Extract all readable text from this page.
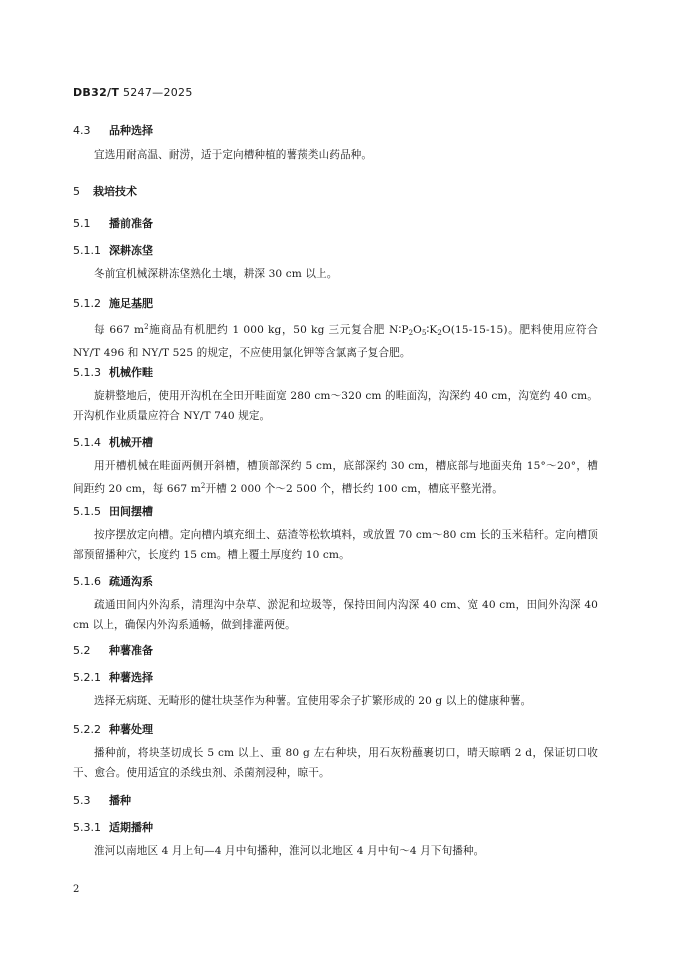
DB32/T 5247—2025
4.3 品种选择
宜选用耐高温、耐涝，适于定向槽种植的薯蓣类山药品种。
5 栽培技术
5.1 播前准备
5.1.1 深耕冻垡
冬前宜机械深耕冻垡熟化土壤，耕深 30 cm 以上。
5.1.2 施足基肥
每 667 $m^2$施商品有机肥约 1 000 kg，50 kg 三元复合肥 $N∶P_2O_5∶K_2O(15-15-15)$。肥料使用应符合 NY/T 496 和 NY/T 525 的规定，不应使用氯化钾等含氯离子复合肥。
5.1.3 机械作畦
旋耕整地后，使用开沟机在全田开畦面宽 280 cm～320 cm 的畦面沟，沟深约 40 cm，沟宽约 40 cm。开沟机作业质量应符合 NY/T 740 规定。
5.1.4 机械开槽
用开槽机械在畦面两侧开斜槽，槽顶部深约 5 cm，底部深约 30 cm，槽底部与地面夹角 15°～20°，槽间距约 20 cm，每 667 $m^2$开槽 2 000 个～2 500 个，槽长约 100 cm，槽底平整光滑。
5.1.5 田间摆槽
按序摆放定向槽。定向槽内填充细土、菇渣等松软填料，或放置 70 cm～80 cm 长的玉米秸秆。定向槽顶部预留播种穴，长度约 15 cm。槽上覆土厚度约 10 cm。
5.1.6 疏通沟系
疏通田间内外沟系，清理沟中杂草、淤泥和垃圾等，保持田间内沟深 40 cm、宽 40 cm，田间外沟深 40 cm 以上，确保内外沟系通畅，做到排灌两便。
5.2 种薯准备
5.2.1 种薯选择
选择无病斑、无畸形的健壮块茎作为种薯。宜使用零余子扩繁形成的 20 g 以上的健康种薯。
5.2.2 种薯处理
播种前，将块茎切成长 5 cm 以上、重 80 g 左右种块，用石灰粉蘸裹切口，晴天晾晒 2 d，保证切口收干、愈合。使用适宜的杀线虫剂、杀菌剂浸种，晾干。
5.3 播种
5.3.1 适期播种
淮河以南地区 4 月上旬—4 月中旬播种，淮河以北地区 4 月中旬～4 月下旬播种。
2
